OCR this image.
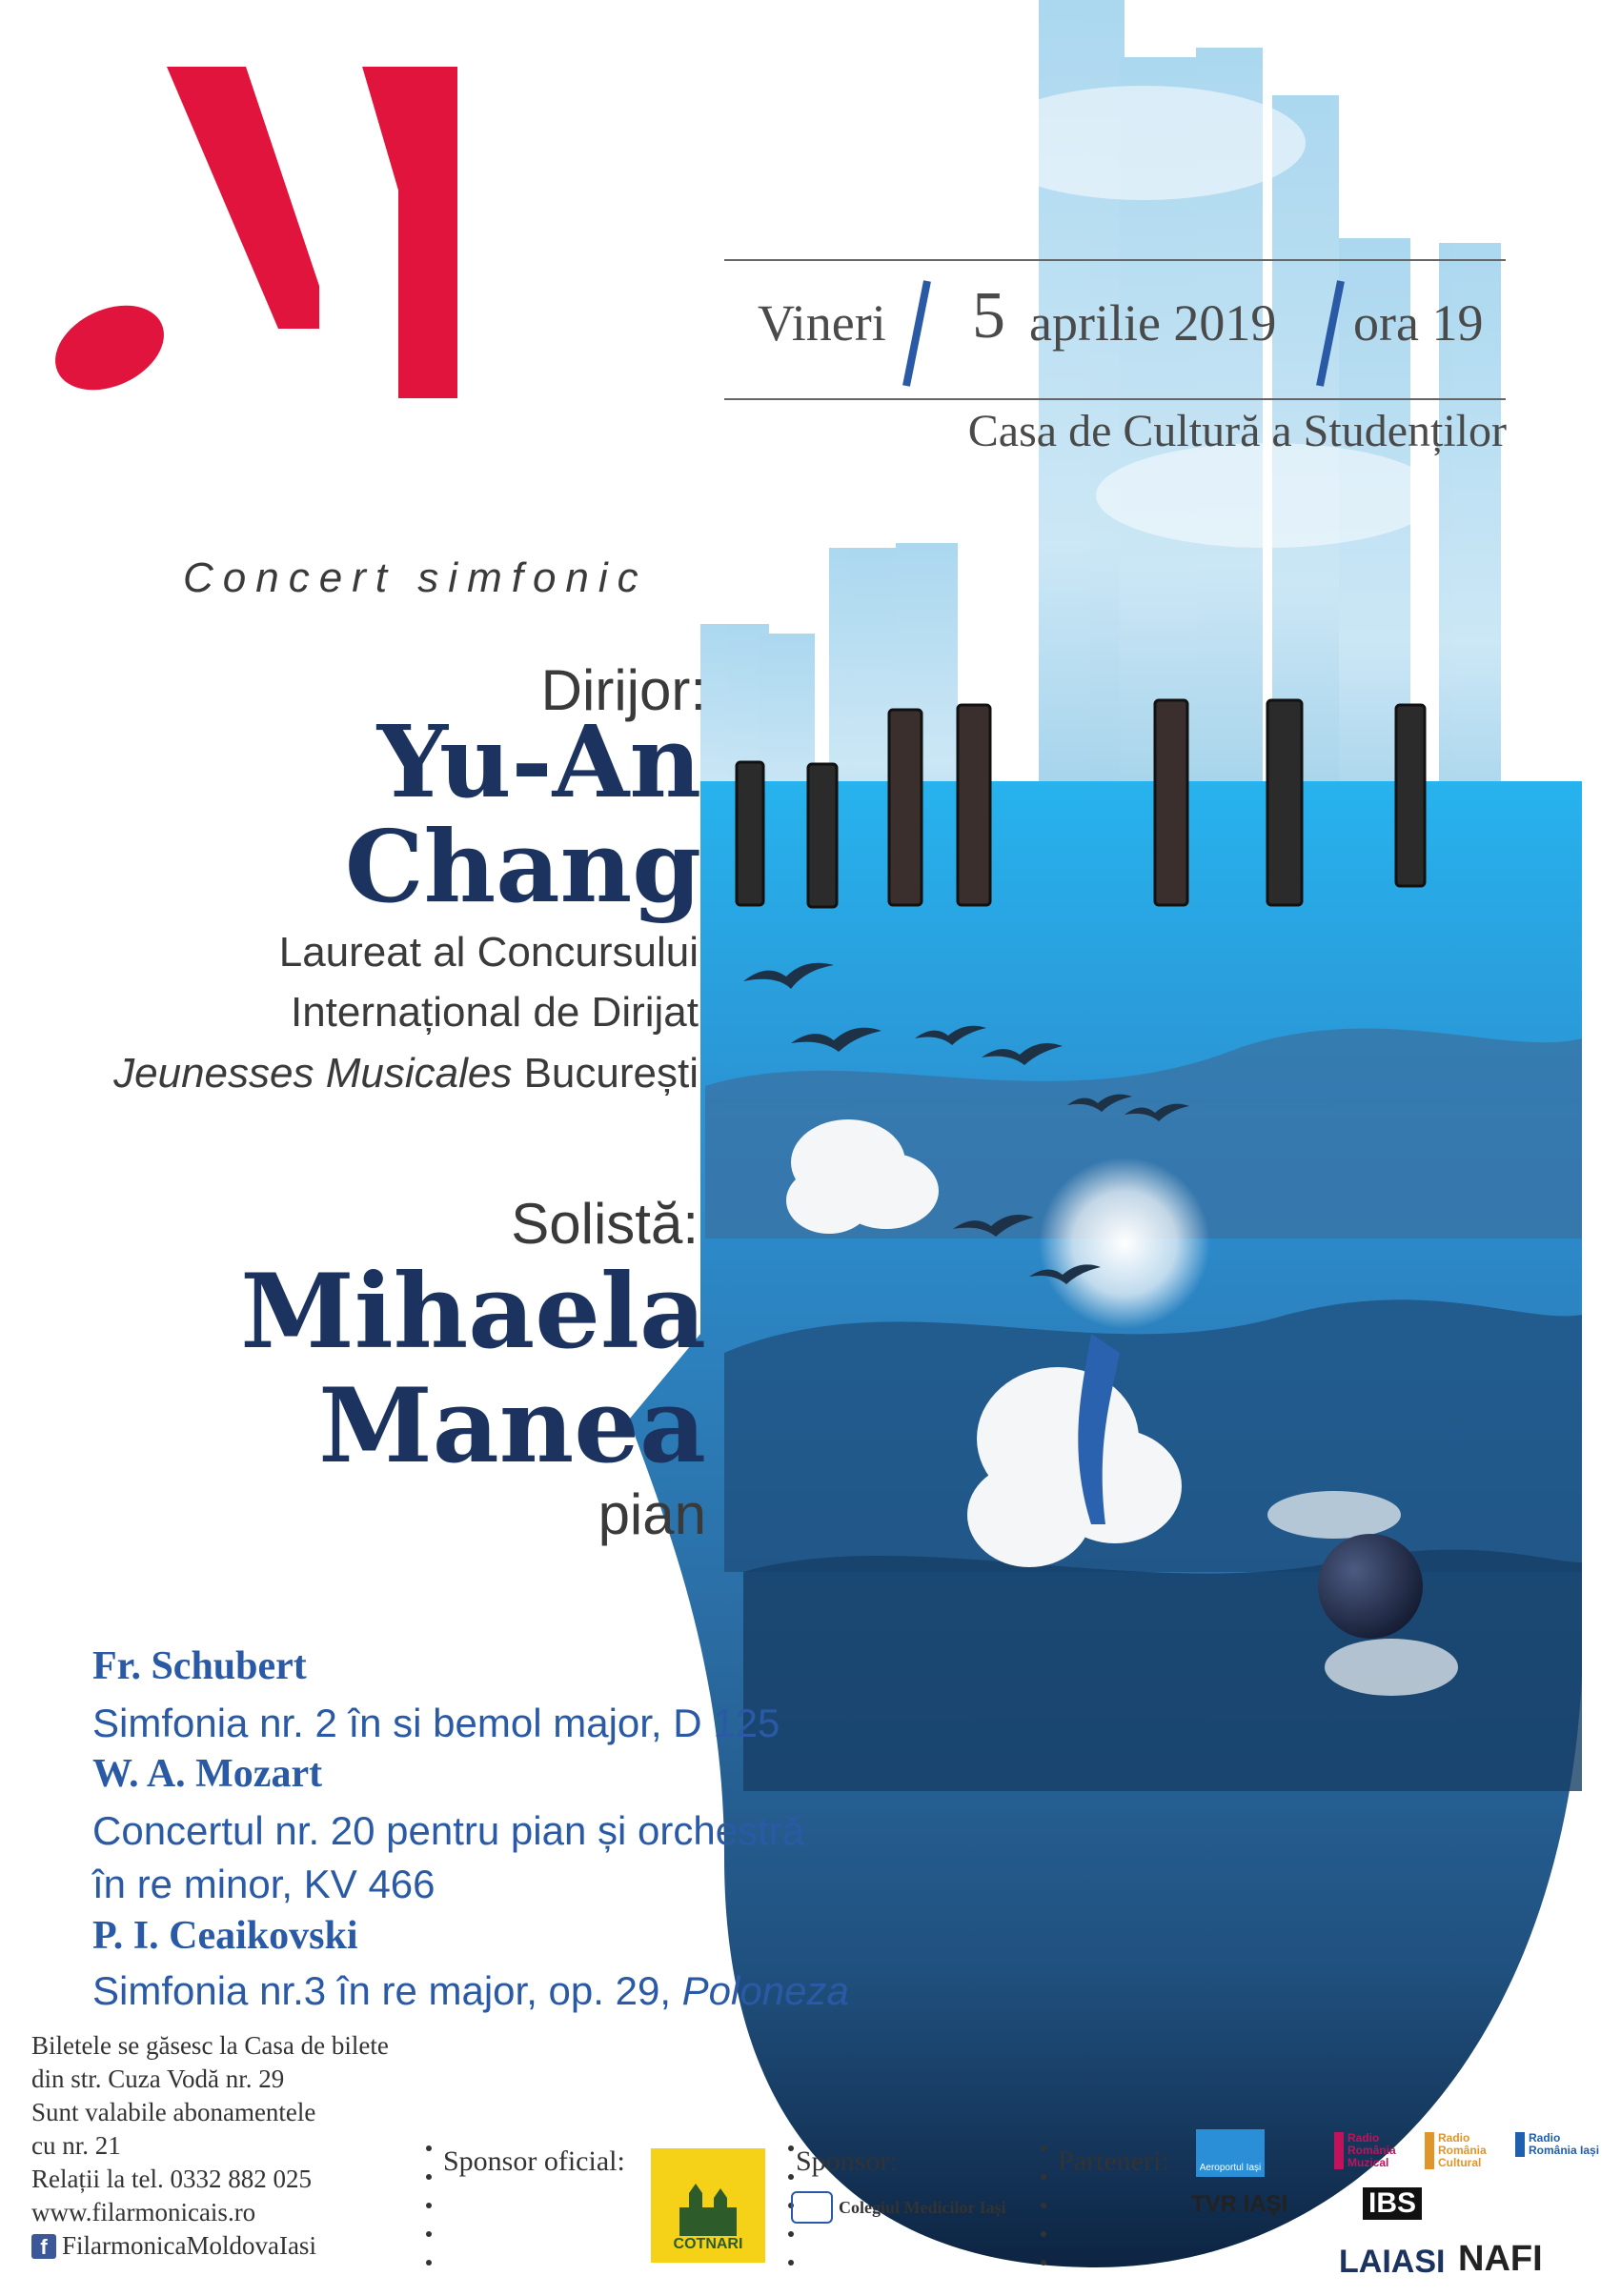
Vineri 5 aprilie 2019 ora 19
Casa de Cultură a Studenților
Concert simfonic
Dirijor:
Yu-An
Chang
Laureat al Concursului
Internațional de Dirijat
Jeunesses Musicales București
Solistă:
Mihaela
Manea
pian
Fr. Schubert
Simfonia nr. 2 în si bemol major, D 125
W. A. Mozart
Concertul nr. 20 pentru pian și orchestră
în re minor, KV 466
P. I. Ceaikovski
Simfonia nr.3 în re major, op. 29, Poloneza
Biletele se găsesc la Casa de bilete
din str. Cuza Vodă nr. 29
Sunt valabile abonamentele
cu nr. 21
Relații la tel. 0332 882 025
www.filarmonicais.ro
f FilarmonicaMoldovaIasi
Sponsor oficial:
COTNARI
Sponsor:
Colegiul Medicilor Iași
Parteneri:	Aeroportul Iași
Radio România Muzical
Radio România Cultural
Radio România Iași
TVR IAȘI	IBS
LAIASI NAFI
